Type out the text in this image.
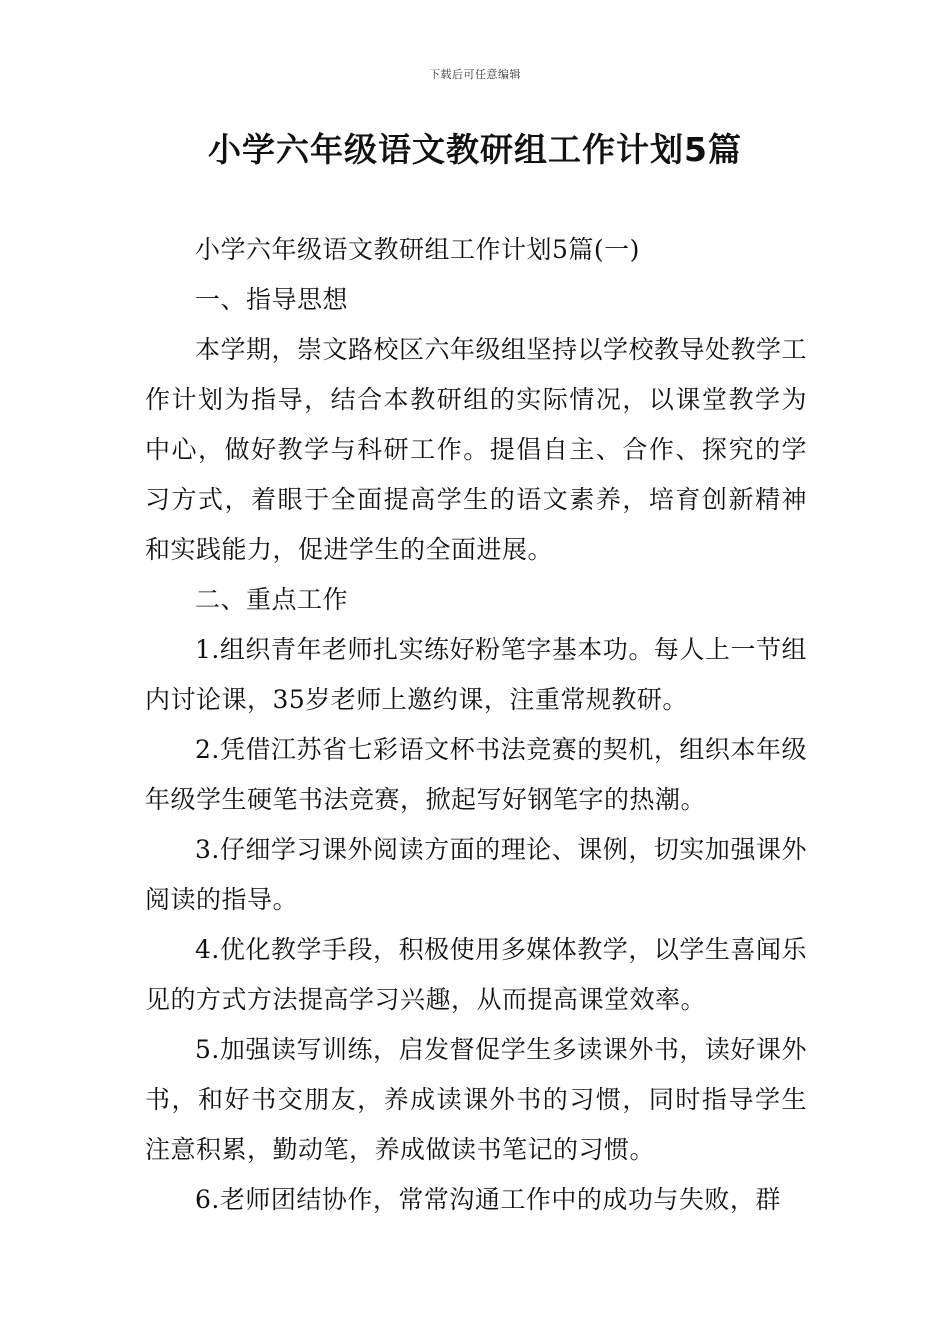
下载后可任意编辑
小学六年级语文教研组工作计划5篇

小学六年级语文教研组工作计划5篇(一)

一、指导思想

本学期，崇文路校区六年级组坚持以学校教导处教学工作计划为指导，结合本教研组的实际情况，以课堂教学为中心，做好教学与科研工作。提倡自主、合作、探究的学习方式，着眼于全面提高学生的语文素养，培育创新精神和实践能力，促进学生的全面进展。

二、重点工作

1.组织青年老师扎实练好粉笔字基本功。每人上一节组内讨论课，35岁老师上邀约课，注重常规教研。

2.凭借江苏省七彩语文杯书法竞赛的契机，组织本年级年级学生硬笔书法竞赛，掀起写好钢笔字的热潮。

3.仔细学习课外阅读方面的理论、课例，切实加强课外阅读的指导。

4.优化教学手段，积极使用多媒体教学，以学生喜闻乐见的方式方法提高学习兴趣，从而提高课堂效率。

5.加强读写训练，启发督促学生多读课外书，读好课外书，和好书交朋友，养成读课外书的习惯，同时指导学生注意积累，勤动笔，养成做读书笔记的习惯。

6.老师团结协作，常常沟通工作中的成功与失败，群
